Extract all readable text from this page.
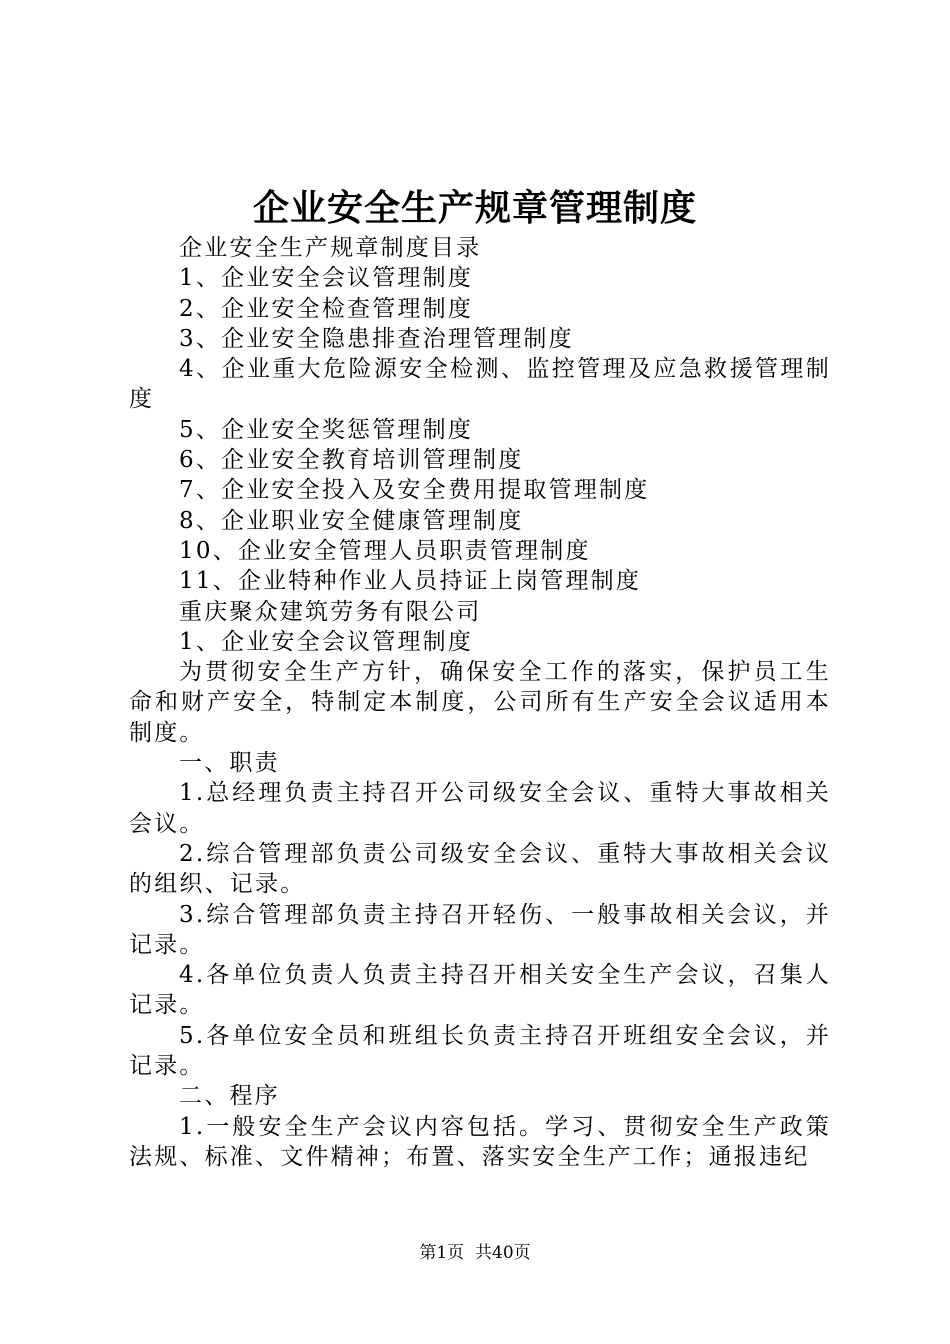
企业安全生产规章管理制度

企业安全生产规章制度目录

1、企业安全会议管理制度

2、企业安全检查管理制度

3、企业安全隐患排查治理管理制度

4、企业重大危险源安全检测、监控管理及应急救援管理制度

5、企业安全奖惩管理制度

6、企业安全教育培训管理制度

7、企业安全投入及安全费用提取管理制度

8、企业职业安全健康管理制度

10、企业安全管理人员职责管理制度

11、企业特种作业人员持证上岗管理制度

重庆聚众建筑劳务有限公司

1、企业安全会议管理制度

为贯彻安全生产方针，确保安全工作的落实，保护员工生命和财产安全，特制定本制度，公司所有生产安全会议适用本制度。

一、职责

1.总经理负责主持召开公司级安全会议、重特大事故相关会议。

2.综合管理部负责公司级安全会议、重特大事故相关会议的组织、记录。

3.综合管理部负责主持召开轻伤、一般事故相关会议，并记录。

4.各单位负责人负责主持召开相关安全生产会议，召集人记录。

5.各单位安全员和班组长负责主持召开班组安全会议，并记录。

二、程序

1.一般安全生产会议内容包括。学习、贯彻安全生产政策法规、标准、文件精神；布置、落实安全生产工作；通报违纪

第1页 共40页
